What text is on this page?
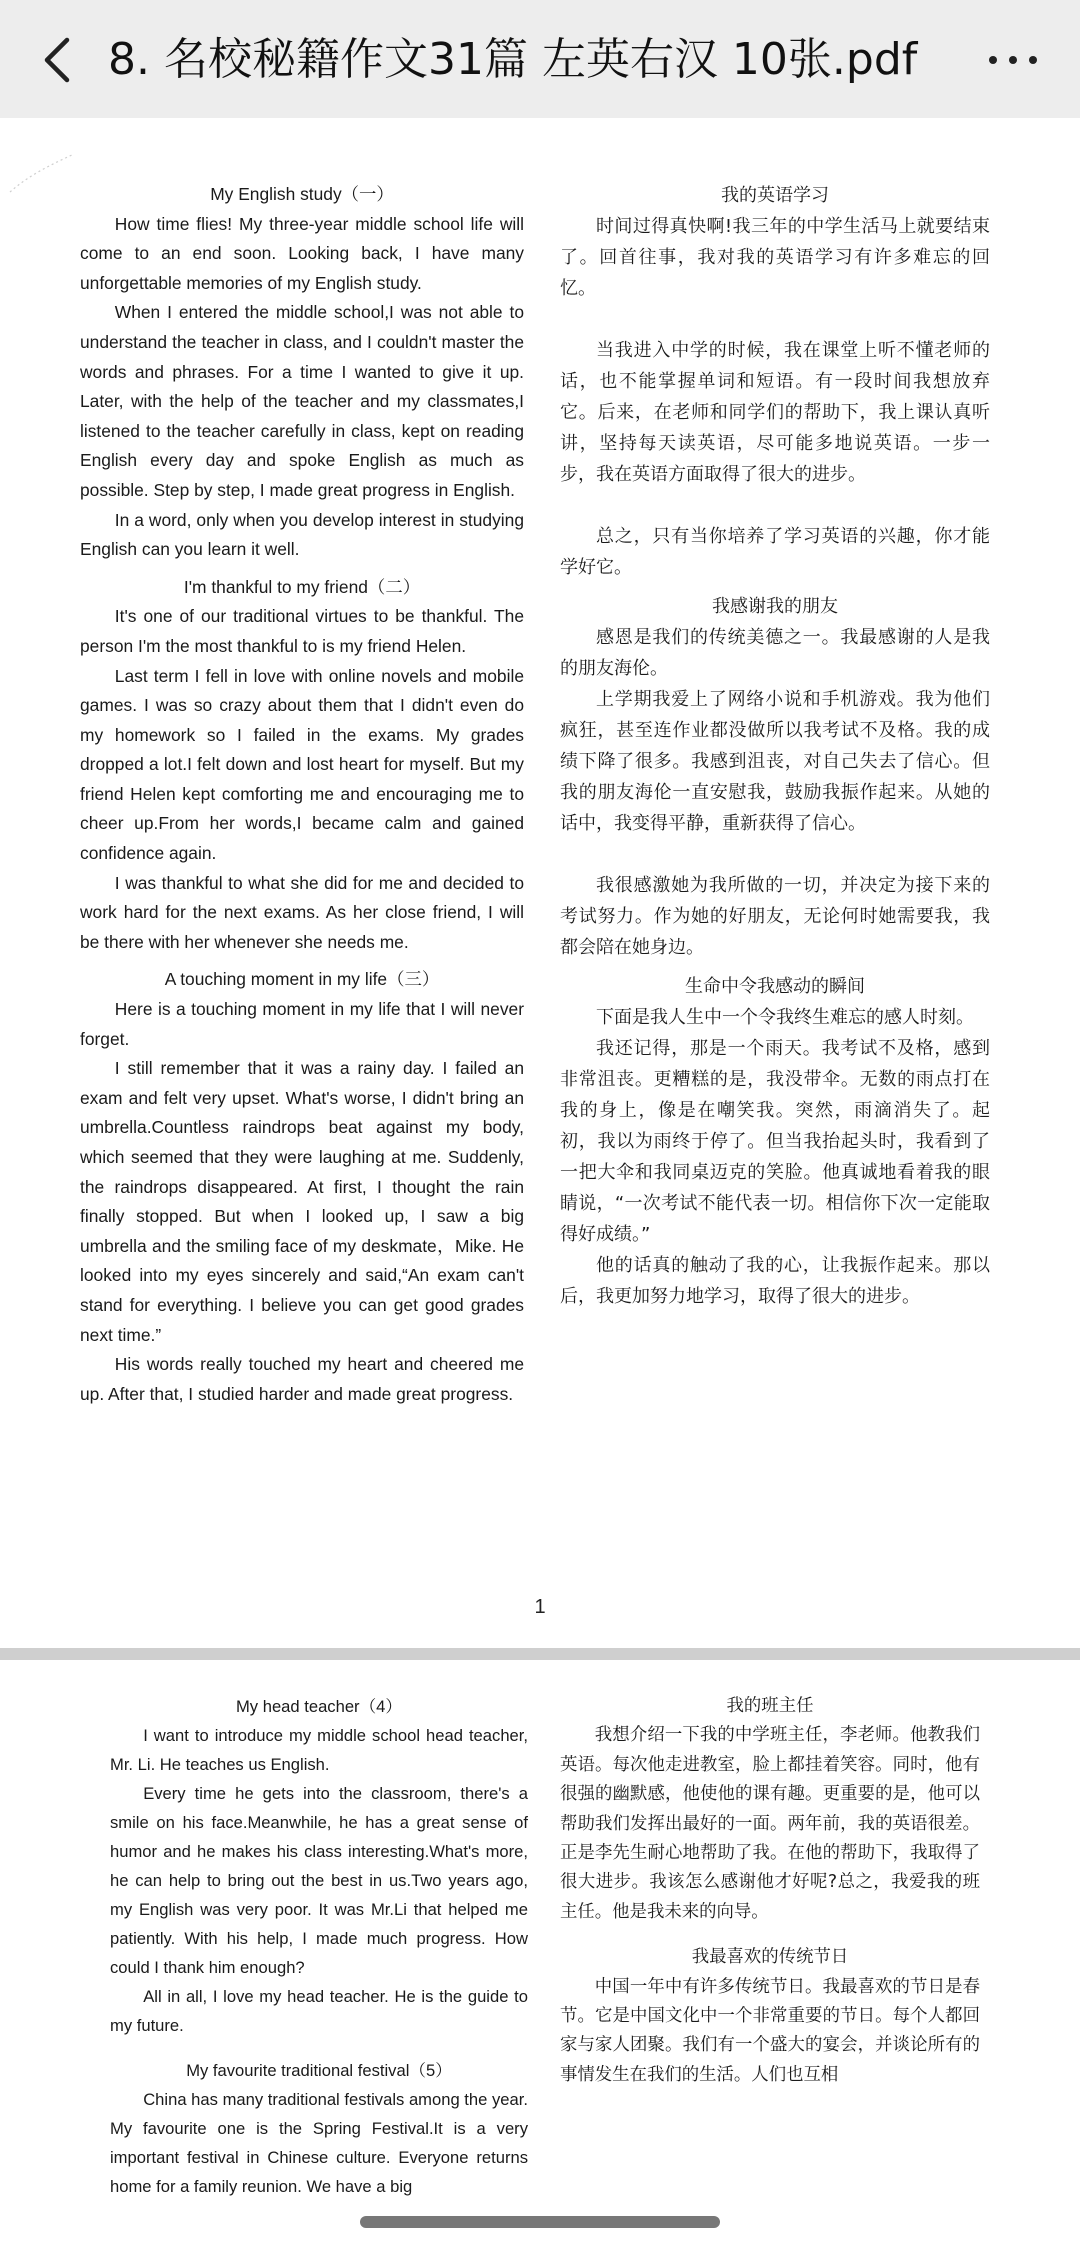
8. 名校秘籍作文31篇 左英右汉 10张.pdf

My English study（一）

How time flies! My three-year middle school life will come to an end soon. Looking back, I have many unforgettable memories of my English study.

When I entered the middle school,I was not able to understand the teacher in class, and I couldn't master the words and phrases. For a time I wanted to give it up. Later, with the help of the teacher and my classmates,I listened to the teacher carefully in class, kept on reading English every day and spoke English as much as possible. Step by step, I made great progress in English.

In a word, only when you develop interest in studying English can you learn it well.

I'm thankful to my friend（二）

It's one of our traditional virtues to be thankful. The person I'm the most thankful to is my friend Helen.

Last term I fell in love with online novels and mobile games. I was so crazy about them that I didn't even do my homework so I failed in the exams. My grades dropped a lot.I felt down and lost heart for myself. But my friend Helen kept comforting me and encouraging me to cheer up.From her words,I became calm and gained confidence again.

I was thankful to what she did for me and decided to work hard for the next exams. As her close friend, I will be there with her whenever she needs me.

A touching moment in my life（三）

Here is a touching moment in my life that I will never forget.

I still remember that it was a rainy day. I failed an exam and felt very upset. What's worse, I didn't bring an umbrella.Countless raindrops beat against my body, which seemed that they were laughing at me. Suddenly, the raindrops disappeared. At first, I thought the rain finally stopped. But when I looked up, I saw a big umbrella and the smiling face of my deskmate，Mike. He looked into my eyes sincerely and said,“An exam can't stand for everything. I believe you can get good grades next time.”

His words really touched my heart and cheered me up. After that, I studied harder and made great progress.

我的英语学习

时间过得真快啊!我三年的中学生活马上就要结束了。回首往事，我对我的英语学习有许多难忘的回忆。

当我进入中学的时候，我在课堂上听不懂老师的话，也不能掌握单词和短语。有一段时间我想放弃它。后来，在老师和同学们的帮助下，我上课认真听讲，坚持每天读英语，尽可能多地说英语。一步一步，我在英语方面取得了很大的进步。

总之，只有当你培养了学习英语的兴趣，你才能学好它。

我感谢我的朋友

感恩是我们的传统美德之一。我最感谢的人是我的朋友海伦。

上学期我爱上了网络小说和手机游戏。我为他们疯狂，甚至连作业都没做所以我考试不及格。我的成绩下降了很多。我感到沮丧，对自己失去了信心。但我的朋友海伦一直安慰我，鼓励我振作起来。从她的话中，我变得平静，重新获得了信心。

我很感激她为我所做的一切，并决定为接下来的考试努力。作为她的好朋友，无论何时她需要我，我都会陪在她身边。

生命中令我感动的瞬间

下面是我人生中一个令我终生难忘的感人时刻。

我还记得，那是一个雨天。我考试不及格，感到非常沮丧。更糟糕的是，我没带伞。无数的雨点打在我的身上，像是在嘲笑我。突然，雨滴消失了。起初，我以为雨终于停了。但当我抬起头时，我看到了一把大伞和我同桌迈克的笑脸。他真诚地看着我的眼睛说，“一次考试不能代表一切。相信你下次一定能取得好成绩。”

他的话真的触动了我的心，让我振作起来。那以后，我更加努力地学习，取得了很大的进步。

1

My head teacher（4）

I want to introduce my middle school head teacher, Mr. Li. He teaches us English.

Every time he gets into the classroom, there's a smile on his face.Meanwhile, he has a great sense of humor and he makes his class interesting.What's more, he can help to bring out the best in us.Two years ago, my English was very poor. It was Mr.Li that helped me patiently. With his help, I made much progress. How could I thank him enough?

All in all, I love my head teacher. He is the guide to my future.

My favourite traditional festival（5）

China has many traditional festivals among the year. My favourite one is the Spring Festival.It is a very important festival in Chinese culture. Everyone returns home for a family reunion. We have a big

我的班主任

我想介绍一下我的中学班主任，李老师。他教我们英语。每次他走进教室，脸上都挂着笑容。同时，他有很强的幽默感，他使他的课有趣。更重要的是，他可以帮助我们发挥出最好的一面。两年前，我的英语很差。正是李先生耐心地帮助了我。在他的帮助下，我取得了很大进步。我该怎么感谢他才好呢?总之，我爱我的班主任。他是我未来的向导。

我最喜欢的传统节日

中国一年中有许多传统节日。我最喜欢的节日是春节。它是中国文化中一个非常重要的节日。每个人都回家与家人团聚。我们有一个盛大的宴会，并谈论所有的事情发生在我们的生活。人们也互相
